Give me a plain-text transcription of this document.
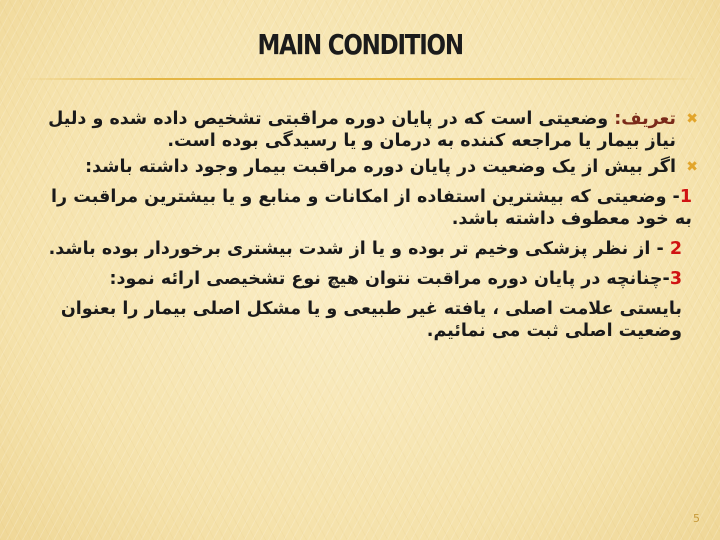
MAIN CONDITION

✖
تعریف: وضعیتی است که در پایان دوره مراقبتی تشخیص داده شده و دلیل نیاز بیمار یا مراجعه کننده به درمان و یا رسیدگی بوده است.

✖
اگر بیش از یک وضعیت در پایان دوره مراقبت بیمار وجود داشته باشد:

1- وضعیتی که بیشترین استفاده از امکانات و منابع و یا بیشترین مراقبت را به خود معطوف داشته باشد.

2 - از نظر پزشکی وخیم تر بوده و یا از شدت بیشتری برخوردار بوده باشد.

3-چنانچه در پایان دوره مراقبت نتوان هیچ نوع تشخیصی ارائه نمود:

بایستی علامت اصلی ، یافته غیر طبیعی و یا مشکل اصلی بیمار را بعنوان وضعیت اصلی ثبت می نمائیم.

5
